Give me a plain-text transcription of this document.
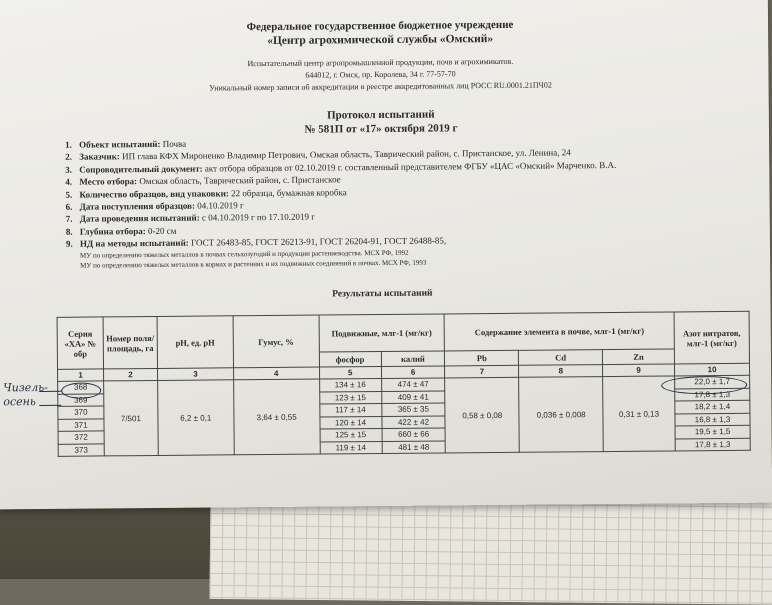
Федеральное государственное бюджетное учреждение
«Центр агрохимической службы «Омский»
Испытательный центр агропромышленной продукции, почв и агрохимикатов.
644012, г. Омск, пр. Королева, 34 г. 77-57-70
Уникальный номер записи об аккредитации в реестре аккредитованных лиц РОСС RU.0001.21ПЧ02
Протокол испытаний
№ 581П от «17» октября 2019 г
1. Объект испытаний: Почва
2. Заказчик: ИП глава КФХ Мироненко Владимир Петрович, Омская область, Таврический район, с. Пристанское, ул. Ленина, 24
3. Сопроводительный документ: акт отбора образцов от 02.10.2019 г. составленный представителем ФГБУ «ЦАС «Омский» Марченко. В.А.
4. Место отбора: Омская область, Таврический район, с. Пристанское
5. Количество образцов, вид упаковки: 22 образца, бумажная коробка
6. Дата поступления образцов: 04.10.2019 г
7. Дата проведения испытаний: с 04.10.2019 г по 17.10.2019 г
8. Глубина отбора: 0-20 см
9. НД на методы испытаний: ГОСТ 26483-85, ГОСТ 26213-91, ГОСТ 26204-91, ГОСТ 26488-85,
МУ по определению тяжелых металлов в почвах сельхозугодий и продукции растениеводства. МСХ РФ, 1992
МУ по определению тяжелых металлов в кормах и растениях и их подвижных соединений в почвах. МСХ РФ, 1993
Результаты испытаний
Серия «ХА» № обр	Номер поля/ площадь, га	рН, ед. рН	Гумус, %	Подвижные, млг-1 (мг/кг)		Содержание элемента в почве, млг-1 (мг/кг)			Азот нитратов, млг-1 (мг/кг)
				фосфор	калий	Pb	Cd	Zn	
1	2	3	4	5	6	7	8	9	10
368	7/501	6,2 ± 0,1	3,64 ± 0,55	134 ± 16	474 ± 47	0,58 ± 0,08	0,036 ± 0,008	0,31 ± 0,13	22,0 ± 1,7
369				123 ± 15	409 ± 41				17,8 ± 1,3
370				117 ± 14	365 ± 35				18,2 ± 1,4
371				120 ± 14	422 ± 42				16,8 ± 1,3
372				125 ± 15	660 ± 66				19,5 ± 1,5
373				119 ± 14	481 ± 48				17,8 ± 1,3
Чизель- осень
